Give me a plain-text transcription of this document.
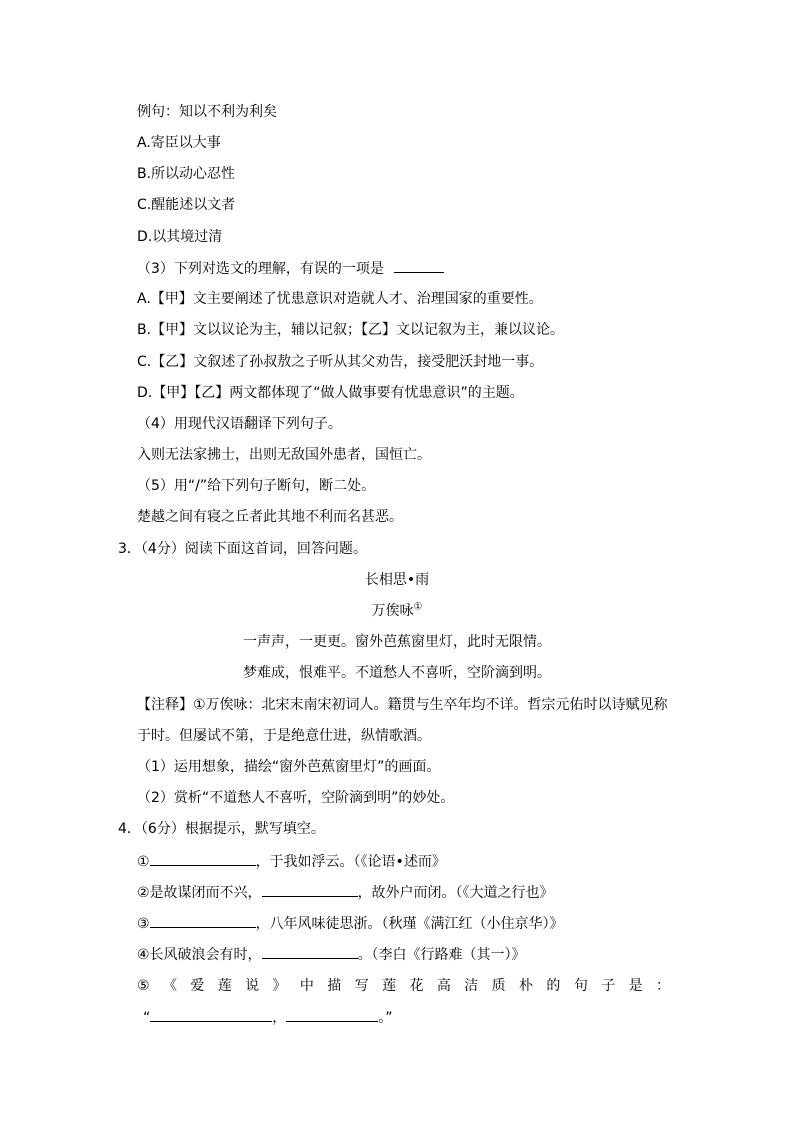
例句：知以不利为利矣
A.寄臣以大事
B.所以动心忍性
C.醒能述以文者
D.以其境过清
（3）下列对选文的理解，有误的一项是
A.【甲】文主要阐述了忧患意识对造就人才、治理国家的重要性。
B.【甲】文以议论为主，辅以记叙；【乙】文以记叙为主，兼以议论。
C.【乙】文叙述了孙叔敖之子听从其父劝告，接受肥沃封地一事。
D.【甲】【乙】两文都体现了“做人做事要有忧患意识”的主题。
（4）用现代汉语翻译下列句子。
入则无法家拂士，出则无敌国外患者，国恒亡。
（5）用“/”给下列句子断句，断二处。
楚越之间有寝之丘者此其地不利而名甚恶。
3．（4分）阅读下面这首词，回答问题。
长相思•雨
万俟咏①
一声声，一更更。窗外芭蕉窗里灯，此时无限情。
梦难成，恨难平。不道愁人不喜听，空阶滴到明。
【注释】①万俟咏：北宋末南宋初词人。籍贯与生卒年均不详。哲宗元佑时以诗赋见称
于时。但屡试不第，于是绝意仕进，纵情歌酒。
（1）运用想象，描绘“窗外芭蕉窗里灯”的画面。
（2）赏析“不道愁人不喜听，空阶滴到明”的妙处。
4．（6分）根据提示，默写填空。
①	，于我如浮云。（《论语•述而》
②是故谋闭而不兴，	，故外户而闭。（《大道之行也》
③	，八年风味徒思浙。（秋瑾《满江红（小住京华）》
④长风破浪会有时，	。（李白《行路难（其一）》
⑤ 《 爱 莲 说 》 中 描 写 莲 花 高 洁 质 朴 的 句 子 是 ：
“	，	。”
